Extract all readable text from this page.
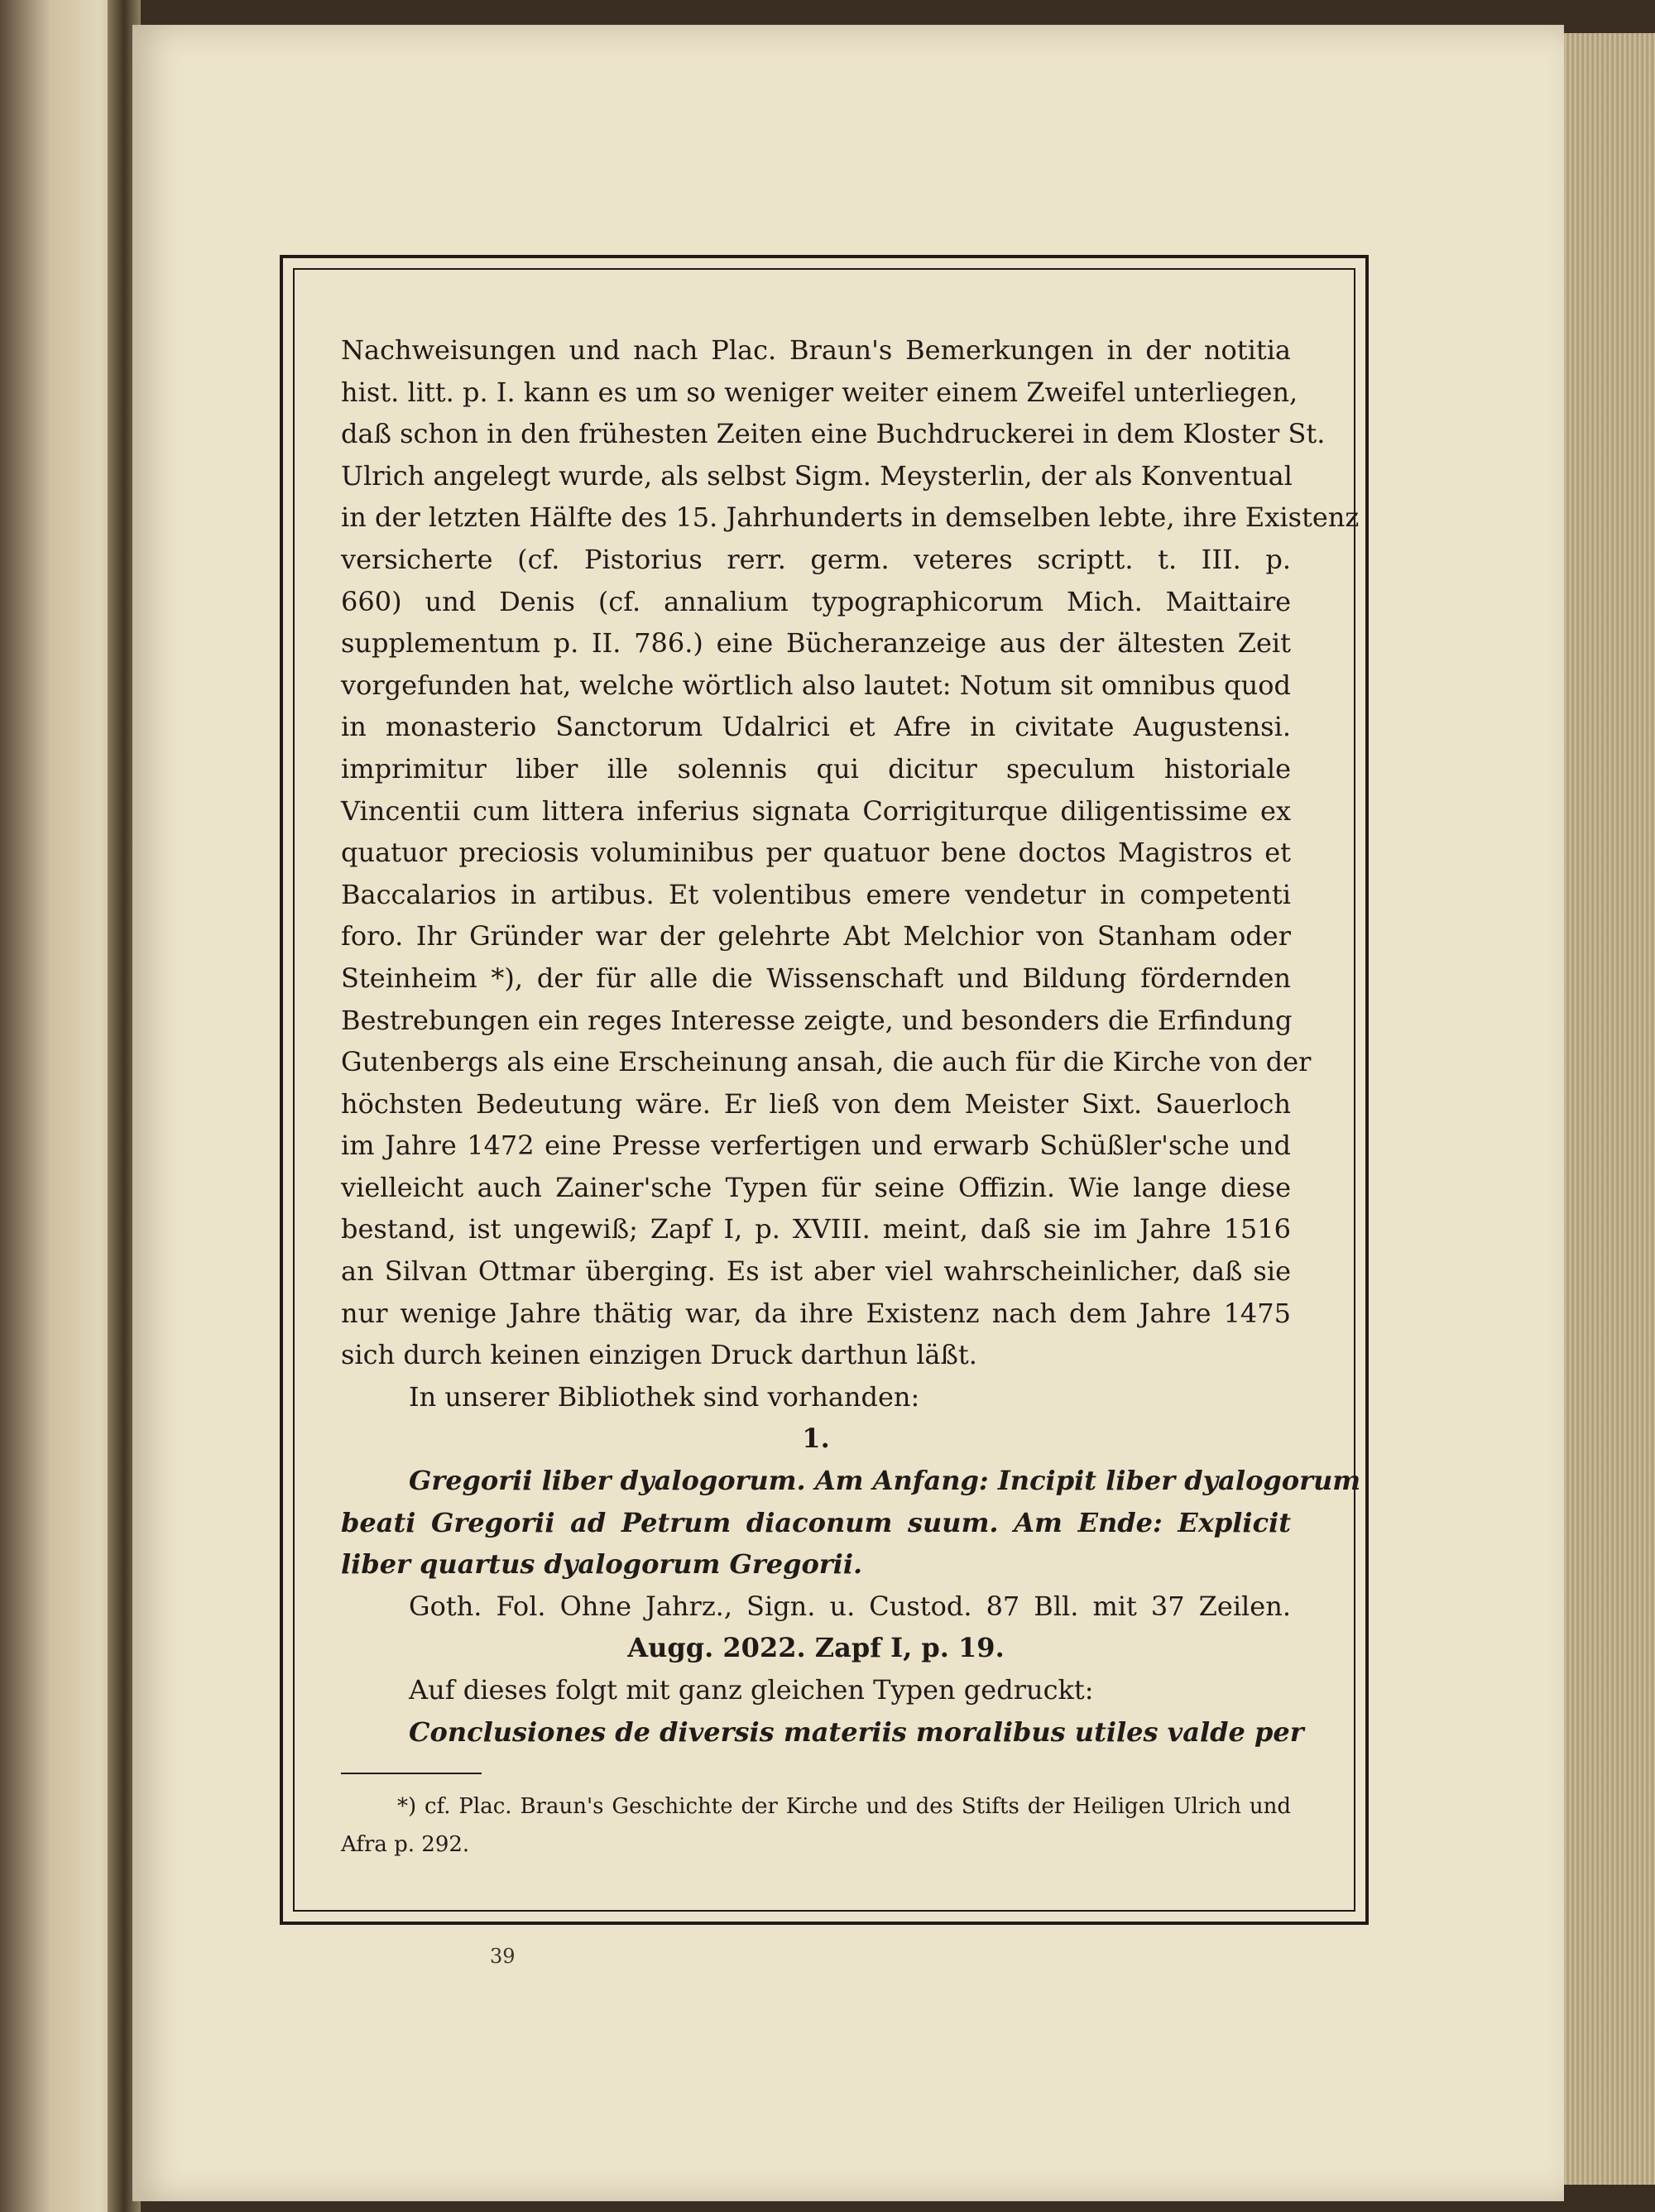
Nachweisungen und nach Plac. Braun's Bemerkungen in der notitia
hist. litt. p. I. kann es um so weniger weiter einem Zweifel unterliegen,
daß schon in den frühesten Zeiten eine Buchdruckerei in dem Kloster St.
Ulrich angelegt wurde, als selbst Sigm. Meysterlin, der als Konventual
in der letzten Hälfte des 15. Jahrhunderts in demselben lebte, ihre Existenz
versicherte (cf. Pistorius rerr. germ. veteres scriptt. t. III. p.
660) und Denis (cf. annalium typographicorum Mich. Maittaire
supplementum p. II. 786.) eine Bücheranzeige aus der ältesten Zeit
vorgefunden hat, welche wörtlich also lautet: Notum sit omnibus quod
in monasterio Sanctorum Udalrici et Afre in civitate Augustensi.
imprimitur liber ille solennis qui dicitur speculum historiale
Vincentii cum littera inferius signata Corrigiturque diligentissime ex
quatuor preciosis voluminibus per quatuor bene doctos Magistros et
Baccalarios in artibus. Et volentibus emere vendetur in competenti
foro. Ihr Gründer war der gelehrte Abt Melchior von Stanham oder
Steinheim *), der für alle die Wissenschaft und Bildung fördernden
Bestrebungen ein reges Interesse zeigte, und besonders die Erfindung
Gutenbergs als eine Erscheinung ansah, die auch für die Kirche von der
höchsten Bedeutung wäre. Er ließ von dem Meister Sixt. Sauerloch
im Jahre 1472 eine Presse verfertigen und erwarb Schüßler'sche und
vielleicht auch Zainer'sche Typen für seine Offizin. Wie lange diese
bestand, ist ungewiß; Zapf I, p. XVIII. meint, daß sie im Jahre 1516
an Silvan Ottmar überging. Es ist aber viel wahrscheinlicher, daß sie
nur wenige Jahre thätig war, da ihre Existenz nach dem Jahre 1475
sich durch keinen einzigen Druck darthun läßt.
In unserer Bibliothek sind vorhanden:
1.
Gregorii liber dyalogorum. Am Anfang: Incipit liber dyalogorum
beati Gregorii ad Petrum diaconum suum. Am Ende: Explicit
liber quartus dyalogorum Gregorii.
Goth. Fol. Ohne Jahrz., Sign. u. Custod. 87 Bll. mit 37 Zeilen.
Augg. 2022. Zapf I, p. 19.
Auf dieses folgt mit ganz gleichen Typen gedruckt:
Conclusiones de diversis materiis moralibus utiles valde per
*) cf. Plac. Braun's Geschichte der Kirche und des Stifts der Heiligen Ulrich und
Afra p. 292.
39
